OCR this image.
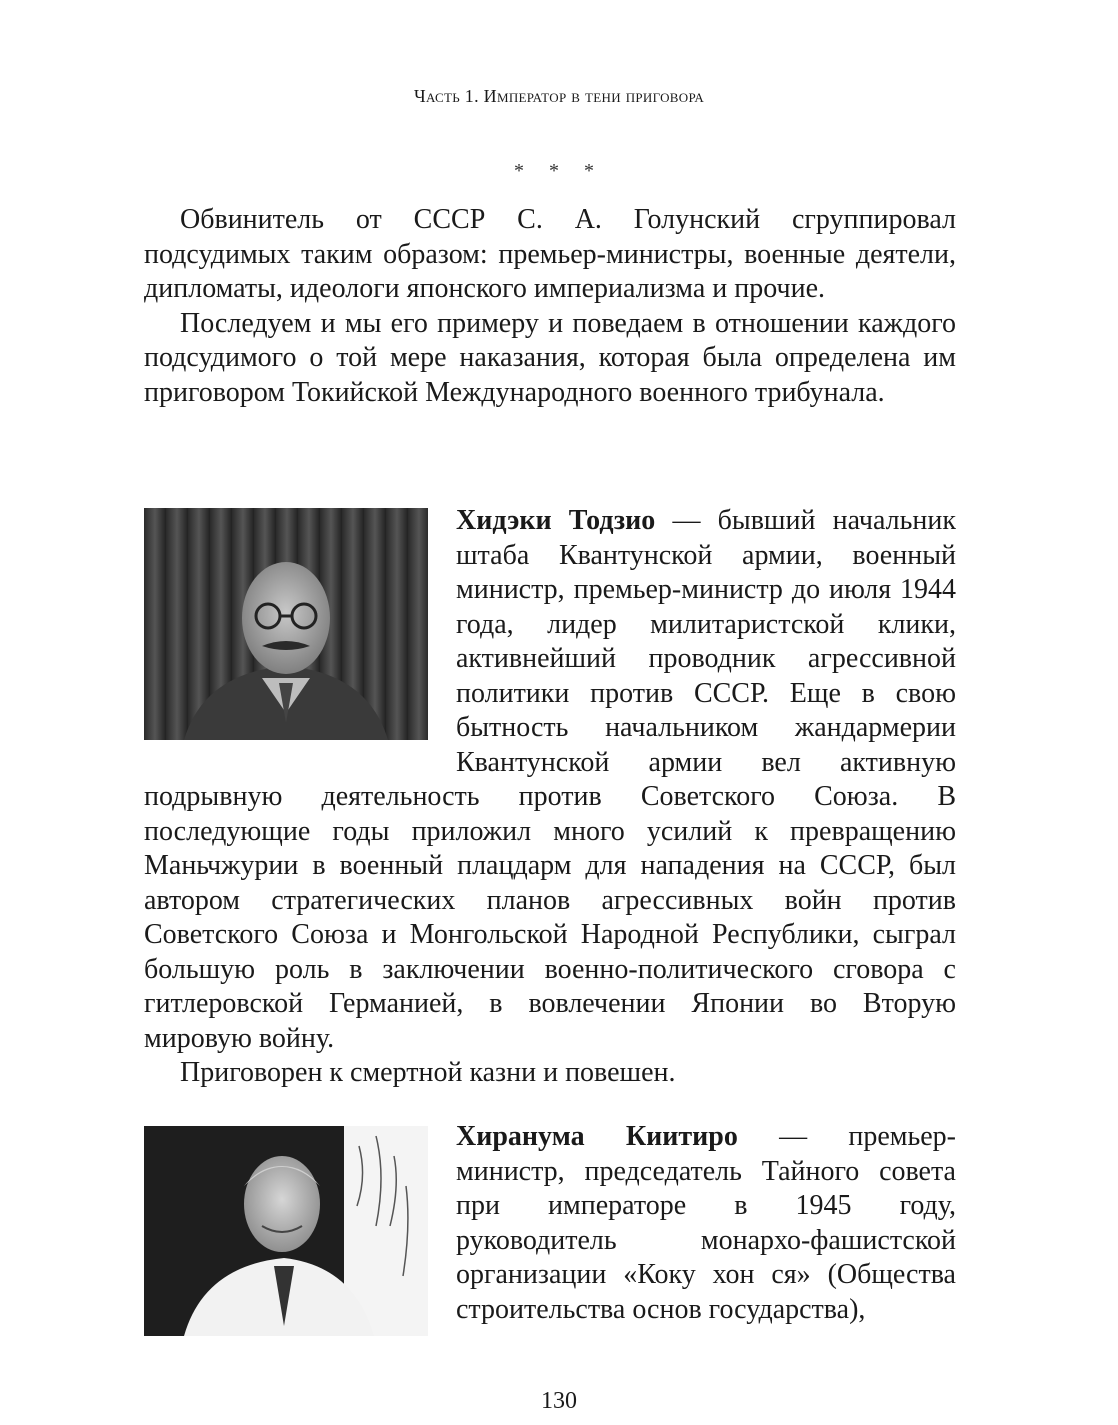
Часть 1. Император в тени приговора
* * *

Обвинитель от СССР С. А. Голунский сгруппировал подсудимых таким образом: премьер-министры, военные деятели, дипломаты, идеологи японского империализма и прочие.

Последуем и мы его примеру и поведаем в отношении каждого подсудимого о той мере наказания, которая была определена им приговором Токийской Международного военного трибунала.

Хидэки Тодзио — бывший начальник штаба Квантунской армии, военный министр, премьер-министр до июля 1944 года, лидер милитаристской клики, активнейший проводник агрессивной политики против СССР. Еще в свою бытность начальником жандармерии Квантунской армии вел активную подрывную деятельность против Советского Союза. В последующие годы приложил много усилий к превращению Маньчжурии в военный плацдарм для нападения на СССР, был автором стратегических планов агрессивных войн против Советского Союза и Монгольской Народной Республики, сыграл большую роль в заключении военно-политического сговора с гитлеровской Германией, в вовлечении Японии во Вторую мировую войну.

Приговорен к смертной казни и повешен.

Хиранума Киитиро — премьер-министр, председатель Тайного совета при императоре в 1945 году, руководитель монархо-фашистской организации «Коку хон ся» (Общества строительства основ государства),

130
